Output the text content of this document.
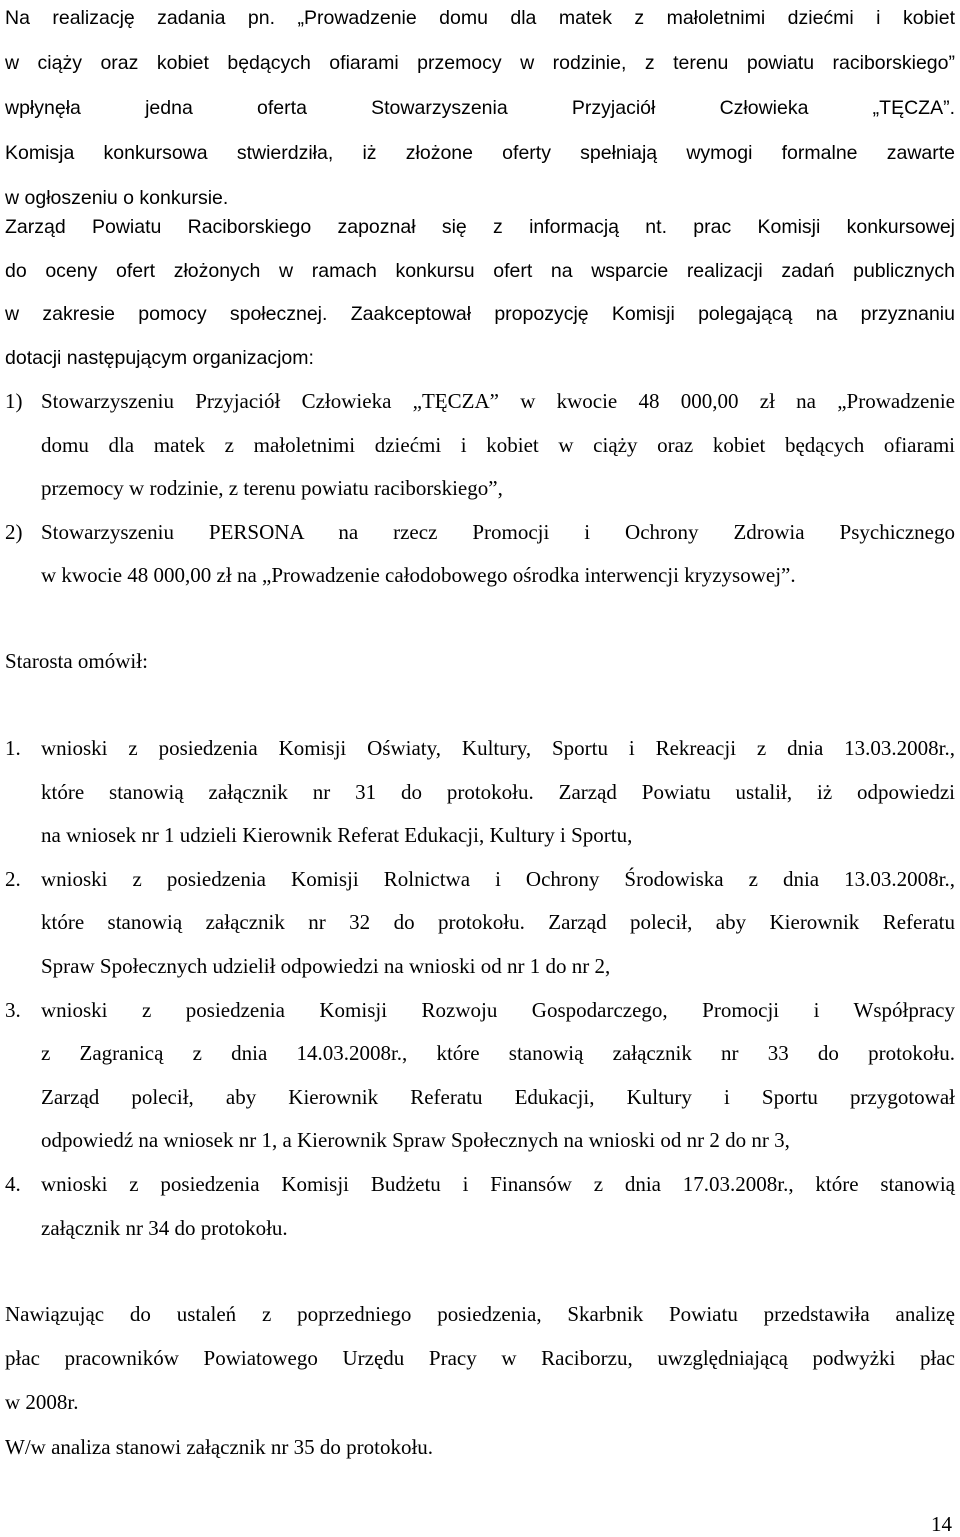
Na realizację zadania pn. „Prowadzenie domu dla matek z małoletnimi dziećmi i kobietw ciąży oraz kobiet będących ofiarami przemocy w rodzinie, z terenu powiatu raciborskiego”wpłynęła jedna oferta Stowarzyszenia Przyjaciół Człowieka „TĘCZA”.Komisja konkursowa stwierdziła, iż złożone oferty spełniają wymogi formalne zawartew ogłoszeniu o konkursie.

Zarząd Powiatu Raciborskiego zapoznał się z informacją nt. prac Komisji konkursowejdo oceny ofert złożonych w ramach konkursu ofert na wsparcie realizacji zadań publicznychw zakresie pomocy społecznej. Zaakceptował propozycję Komisji polegającą na przyznaniudotacji następującym organizacjom:

1) Stowarzyszeniu Przyjaciół Człowieka „TĘCZA” w kwocie 48 000,00 zł na „Prowadzeniedomu dla matek z małoletnimi dziećmi i kobiet w ciąży oraz kobiet będących ofiaramiprzemocy w rodzinie, z terenu powiatu raciborskiego”,
2) Stowarzyszeniu PERSONA na rzecz Promocji i Ochrony Zdrowia Psychicznegow kwocie 48 000,00 zł na „Prowadzenie całodobowego ośrodka interwencji kryzysowej”.
Starosta omówił:
1. wnioski z posiedzenia Komisji Oświaty, Kultury, Sportu i Rekreacji z dnia 13.03.2008r.,które stanowią załącznik nr 31 do protokołu. Zarząd Powiatu ustalił, iż odpowiedzina wniosek nr 1 udzieli Kierownik Referat Edukacji, Kultury i Sportu,
2. wnioski z posiedzenia Komisji Rolnictwa i Ochrony Środowiska z dnia 13.03.2008r.,które stanowią załącznik nr 32 do protokołu. Zarząd polecił, aby Kierownik ReferatuSpraw Społecznych udzielił odpowiedzi na wnioski od nr 1 do nr 2,
3. wnioski z posiedzenia Komisji Rozwoju Gospodarczego, Promocji i Współpracyz Zagranicą z dnia 14.03.2008r., które stanowią załącznik nr 33 do protokołu.Zarząd polecił, aby Kierownik Referatu Edukacji, Kultury i Sportu przygotowałodpowiedź na wniosek nr 1, a Kierownik Spraw Społecznych na wnioski od nr 2 do nr 3,
4. wnioski z posiedzenia Komisji Budżetu i Finansów z dnia 17.03.2008r., które stanowiązałącznik nr 34 do protokołu.

Nawiązując do ustaleń z poprzedniego posiedzenia, Skarbnik Powiatu przedstawiła analizępłac pracowników Powiatowego Urzędu Pracy w Raciborzu, uwzględniającą podwyżki płacw 2008r.

W/w analiza stanowi załącznik nr 35 do protokołu.
14
